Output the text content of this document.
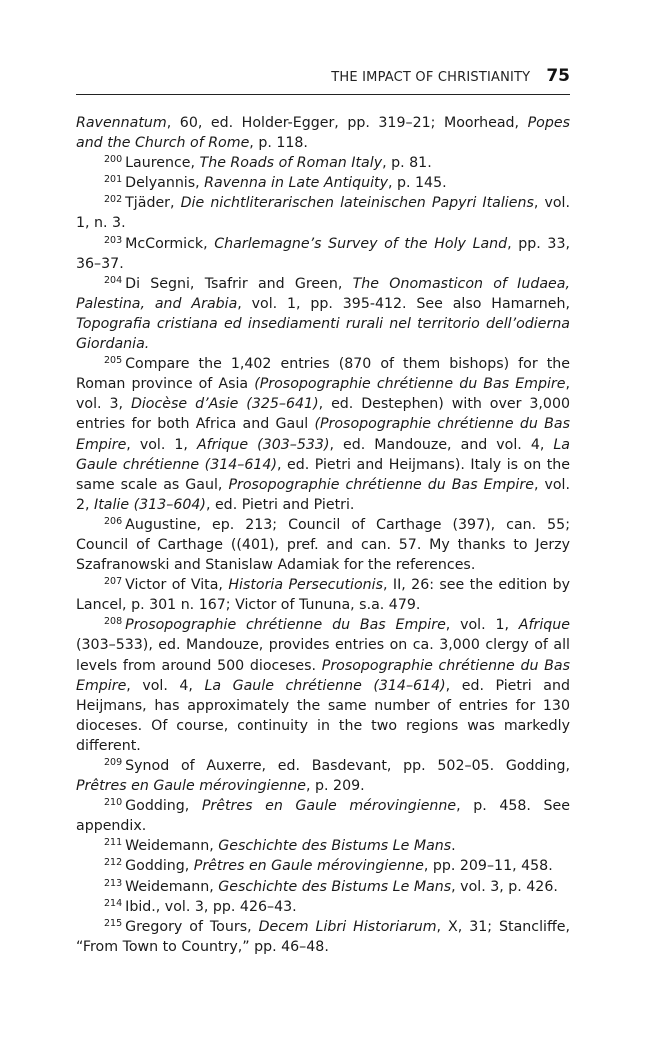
THE IMPACT OF CHRISTIANITY 75

Ravennatum, 60, ed. Holder-Egger, pp. 319–21; Moorhead, Popes and the Church of Rome, p. 118.

$^{200}$ Laurence, The Roads of Roman Italy, p. 81.

$^{201}$ Delyannis, Ravenna in Late Antiquity, p. 145.

$^{202}$ Tjäder, Die nichtliterarischen lateinischen Papyri Italiens, vol. 1, n. 3.

$^{203}$ McCormick, Charlemagne’s Survey of the Holy Land, pp. 33, 36–37.

$^{204}$ Di Segni, Tsafrir and Green, The Onomasticon of Iudaea, Palestina, and Arabia, vol. 1, pp. 395-412. See also Hamarneh, Topografia cristiana ed insediamenti rurali nel territorio dell’odierna Giordania.

$^{205}$ Compare the 1,402 entries (870 of them bishops) for the Roman province of Asia (Prosopographie chrétienne du Bas Empire, vol. 3, Diocèse d’Asie (325–641), ed. Destephen) with over 3,000 entries for both Africa and Gaul (Prosopographie chrétienne du Bas Empire, vol. 1, Afrique (303–533), ed. Mandouze, and vol. 4, La Gaule chrétienne (314–614), ed. Pietri and Heijmans). Italy is on the same scale as Gaul, Prosopographie chrétienne du Bas Empire, vol. 2, Italie (313–604), ed. Pietri and Pietri.

$^{206}$ Augustine, ep. 213; Council of Carthage (397), can. 55; Council of Carthage ((401), pref. and can. 57. My thanks to Jerzy Szafranowski and Stanislaw Adamiak for the references.

$^{207}$ Victor of Vita, Historia Persecutionis, II, 26: see the edition by Lancel, p. 301 n. 167; Victor of Tununa, s.a. 479.

$^{208}$ Prosopographie chrétienne du Bas Empire, vol. 1, Afrique (303–533), ed. Mandouze, provides entries on ca. 3,000 clergy of all levels from around 500 dioceses. Prosopographie chrétienne du Bas Empire, vol. 4, La Gaule chrétienne (314–614), ed. Pietri and Heijmans, has approximately the same number of entries for 130 dioceses. Of course, continuity in the two regions was markedly different.

$^{209}$ Synod of Auxerre, ed. Basdevant, pp. 502–05. Godding, Prêtres en Gaule mérovingienne, p. 209.

$^{210}$ Godding, Prêtres en Gaule mérovingienne, p. 458. See appendix.

$^{211}$ Weidemann, Geschichte des Bistums Le Mans.

$^{212}$ Godding, Prêtres en Gaule mérovingienne, pp. 209–11, 458.

$^{213}$ Weidemann, Geschichte des Bistums Le Mans, vol. 3, p. 426.

$^{214}$ Ibid., vol. 3, pp. 426–43.

$^{215}$ Gregory of Tours, Decem Libri Historiarum, X, 31; Stancliffe, “From Town to Country,” pp. 46–48.
